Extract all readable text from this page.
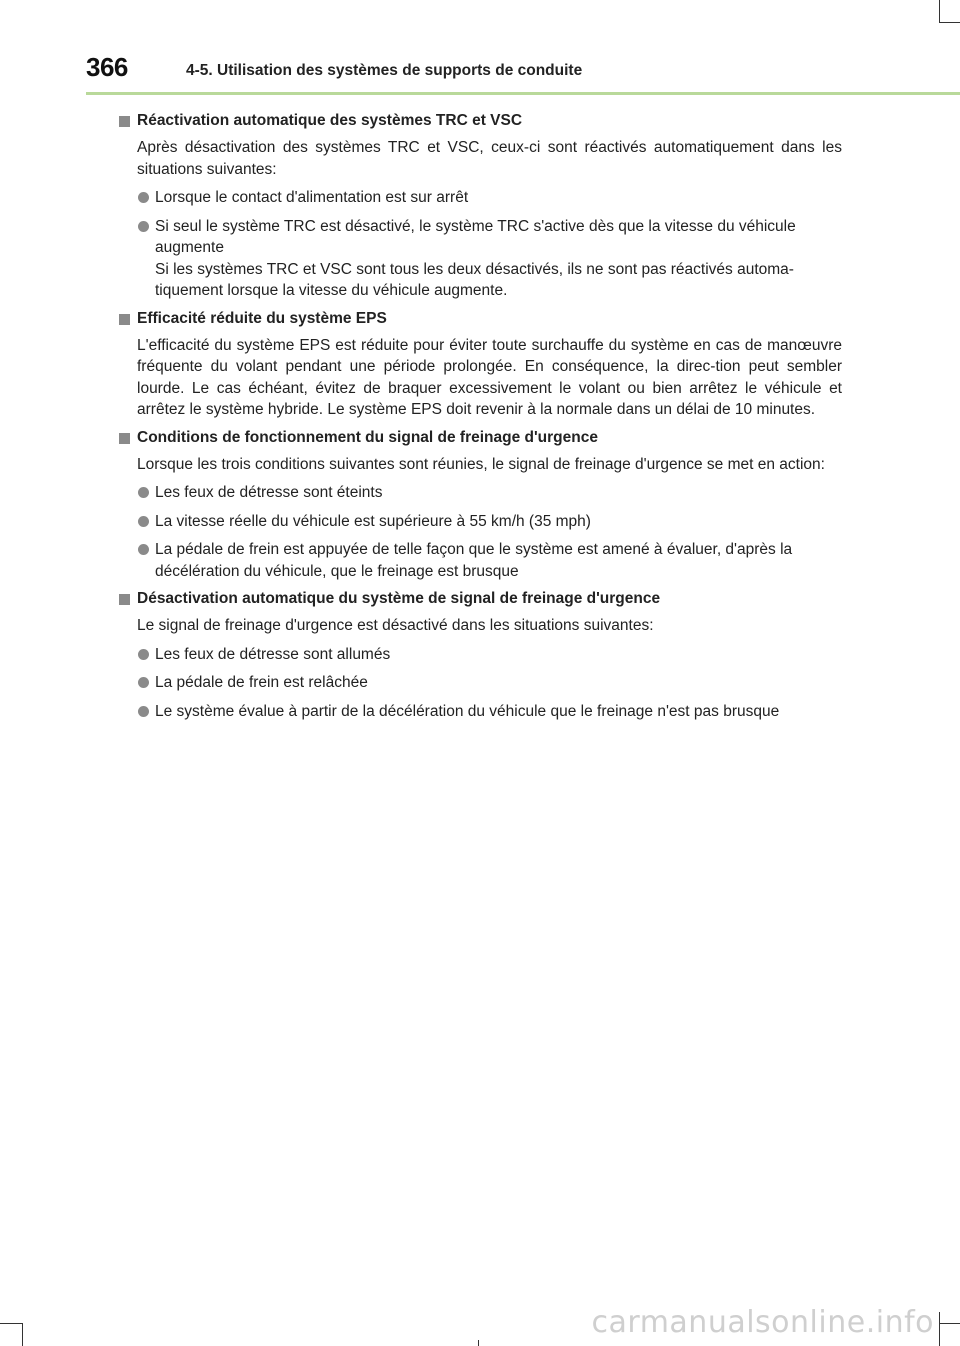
366	4-5. Utilisation des systèmes de supports de conduite
Réactivation automatique des systèmes TRC et VSC
Après désactivation des systèmes TRC et VSC, ceux-ci sont réactivés automatiquement dans les situations suivantes:
Lorsque le contact d'alimentation est sur arrêt
Si seul le système TRC est désactivé, le système TRC s'active dès que la vitesse du véhicule augmente
Si les systèmes TRC et VSC sont tous les deux désactivés, ils ne sont pas réactivés automa-tiquement lorsque la vitesse du véhicule augmente.
Efficacité réduite du système EPS
L'efficacité du système EPS est réduite pour éviter toute surchauffe du système en cas de manœuvre fréquente du volant pendant une période prolongée. En conséquence, la direc-tion peut sembler lourde. Le cas échéant, évitez de braquer excessivement le volant ou bien arrêtez le véhicule et arrêtez le système hybride. Le système EPS doit revenir à la normale dans un délai de 10 minutes.
Conditions de fonctionnement du signal de freinage d'urgence
Lorsque les trois conditions suivantes sont réunies, le signal de freinage d'urgence se met en action:
Les feux de détresse sont éteints
La vitesse réelle du véhicule est supérieure à 55 km/h (35 mph)
La pédale de frein est appuyée de telle façon que le système est amené à évaluer, d'après la décélération du véhicule, que le freinage est brusque
Désactivation automatique du système de signal de freinage d'urgence
Le signal de freinage d'urgence est désactivé dans les situations suivantes:
Les feux de détresse sont allumés
La pédale de frein est relâchée
Le système évalue à partir de la décélération du véhicule que le freinage n'est pas brusque
carmanualsonline.info
